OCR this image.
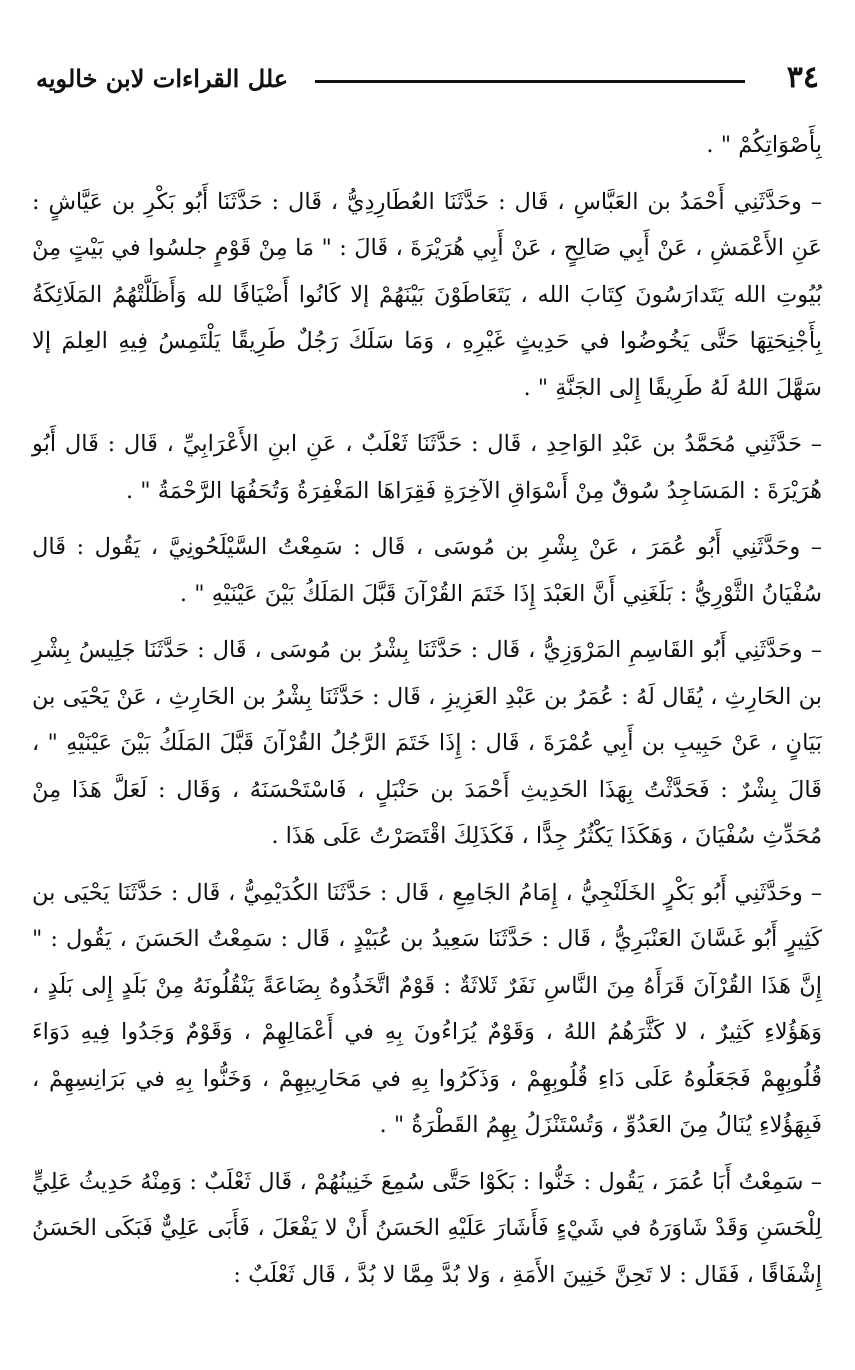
٣٤
علل القراءات لابن خالويه

بِأَصْوَاتِكُمْ " .

– وحَدَّثَنِي أَحْمَدُ بن العَبَّاسِ ، قَال : حَدَّثَنَا العُطَارِدِيُّ ، قَال : حَدَّثَنَا أَبُو بَكْرِ بن عَيَّاشٍ : عَنِ الأَعْمَشِ ، عَنْ أَبِي صَالِحٍ ، عَنْ أَبِي هُرَيْرَةَ ، قَالَ : " مَا مِنْ قَوْمٍ جلسُوا في بَيْتٍ مِنْ بُيُوتِ الله يَتَدارَسُونَ كِتَابَ الله ، يَتَعَاطَوْنَ بَيْنَهُمْ إلا كَانُوا أَضْيَافًا لله وَأَظَلَّتْهُمُ المَلَائِكَةُ بِأَجْنِحَتِهَا حَتَّى يَخُوضُوا في حَدِيثٍ غَيْرِهِ ، وَمَا سَلَكَ رَجُلٌ طَرِيقًا يَلْتَمِسُ فِيهِ العِلمَ إلا سَهَّلَ اللهُ لَهُ طَرِيقًا إِلى الجَنَّةِ " .

– حَدَّثَنِي مُحَمَّدُ بن عَبْدِ الوَاحِدِ ، قَال : حَدَّثَنَا ثَعْلَبٌ ، عَنِ ابنِ الأَعْرَابِيِّ ، قَال : قَال أَبُو هُرَيْرَةَ : المَسَاجِدُ سُوقٌ مِنْ أَسْوَاقِ الآخِرَةِ فَقِرَاهَا المَغْفِرَةُ وَتُحَفُهَا الرَّحْمَةُ " .

– وحَدَّثَنِي أَبُو عُمَرَ ، عَنْ بِشْرِ بن مُوسَى ، قَال : سَمِعْتُ السَّيْلَحُونِيَّ ، يَقُول : قَال سُفْيَانُ الثَّوْرِيُّ : بَلَغَنِي أَنَّ العَبْدَ إِذَا خَتَمَ القُرْآنَ قَبَّلَ المَلَكُ بَيْنَ عَيْنَيْهِ " .

– وحَدَّثَنِي أَبُو القَاسِمِ المَرْوَزِيُّ ، قَال : حَدَّثَنَا بِشْرُ بن مُوسَى ، قَال : حَدَّثَنَا جَلِيسُ بِشْرِ بن الحَارِثِ ، يُقَال لَهُ : عُمَرُ بن عَبْدِ العَزِيزِ ، قَال : حَدَّثَنَا بِشْرُ بن الحَارِثِ ، عَنْ يَحْيَى بن بَيَانٍ ، عَنْ حَبِيبِ بن أَبِي عُمْرَةَ ، قَال : إِذَا خَتَمَ الرَّجُلُ القُرْآنَ قَبَّلَ المَلَكُ بَيْنَ عَيْنَيْهِ " ، قَالَ بِشْرٌ : فَحَدَّثْتُ بِهَذَا الحَدِيثِ أَحْمَدَ بن حَنْبَلٍ ، فَاسْتَحْسَنَهُ ، وَقَال : لَعَلَّ هَذَا مِنْ مُحَدِّثِ سُفْيَانَ ، وَهَكَذَا يَكْثُرُ جِدًّا ، فَكَذَلِكَ اقْتَصَرْتُ عَلَى هَذَا .

– وحَدَّثَنِي أَبُو بَكْرٍ الخَلَنْجِيُّ ، إِمَامُ الجَامِعِ ، قَال : حَدَّثَنَا الكُدَيْمِيُّ ، قَال : حَدَّثَنَا يَحْيَى بن كَثِيرٍ أَبُو غَسَّانَ العَنْبَرِيُّ ، قَال : حَدَّثَنَا سَعِيدُ بن عُبَيْدٍ ، قَال : سَمِعْتُ الحَسَنَ ، يَقُول : " إِنَّ هَذَا القُرْآنَ قَرَأَهُ مِنَ النَّاسِ نَفَرٌ ثَلاثَةٌ : قَوْمٌ اتَّخَذُوهُ بِضَاعَةً يَنْقُلُونَهُ مِنْ بَلَدٍ إِلى بَلَدٍ ، وَهَؤُلاءِ كَثِيرٌ ، لا كَثَّرَهُمُ اللهُ ، وَقَوْمٌ يُرَاءُونَ بِهِ في أَعْمَالِهِمْ ، وَقَوْمٌ وَجَدُوا فِيهِ دَوَاءَ قُلُوبِهِمْ فَجَعَلُوهُ عَلَى دَاءِ قُلُوبِهِمْ ، وَذَكَرُوا بِهِ في مَحَارِيبِهِمْ ، وَخَنُّوا بِهِ في بَرَانِسِهِمْ ، فَبِهَؤُلاءِ يُنَالُ مِنَ العَدُوِّ ، وَتُسْتَنْزَلُ بِهِمُ القَطْرَةُ " .

– سَمِعْتُ أَبَا عُمَرَ ، يَقُول : خَنُّوا : بَكَوْا حَتَّى سُمِعَ خَنِينُهُمْ ، قَال ثَعْلَبٌ : وَمِنْهُ حَدِيثُ عَلِيٍّ لِلْحَسَنِ وَقَدْ شَاوَرَهُ في شَيْءٍ فَأَشَارَ عَلَيْهِ الحَسَنُ أَنْ لا يَفْعَلَ ، فَأَبَى عَلِيٌّ فَبَكَى الحَسَنُ إِشْفَاقًا ، فَقَال : لا تَحِنَّ خَنِينَ الأَمَةِ ، وَلا بُدَّ مِمَّا لا بُدَّ ، قَال ثَعْلَبٌ :
